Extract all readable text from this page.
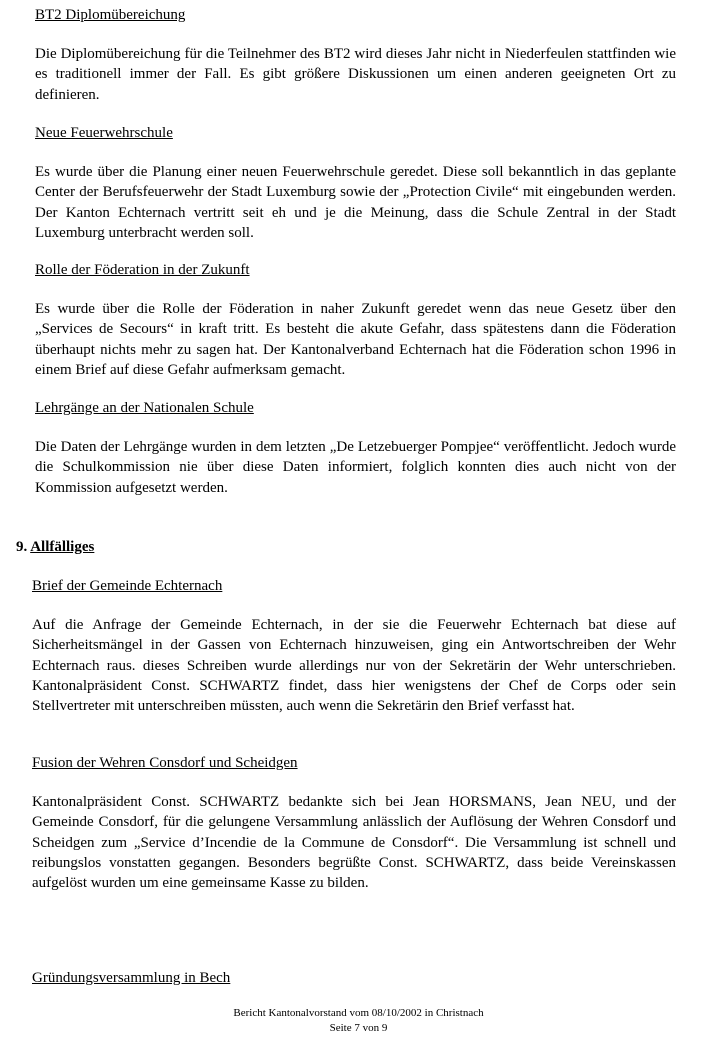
BT2 Diplomübereichung

Die Diplomübereichung für die Teilnehmer des BT2 wird dieses Jahr nicht in Niederfeulen stattfinden wie es traditionell immer der Fall. Es gibt größere Diskussionen um einen anderen geeigneten Ort zu definieren.

Neue Feuerwehrschule

Es wurde über die Planung einer neuen Feuerwehrschule geredet. Diese soll bekanntlich in das geplante Center der Berufsfeuerwehr der Stadt Luxemburg sowie der „Protection Civile“ mit eingebunden werden. Der Kanton Echternach vertritt seit eh und je die Meinung, dass die Schule Zentral in der Stadt Luxemburg unterbracht werden soll.

Rolle der Föderation in der Zukunft

Es wurde über die Rolle der Föderation in naher Zukunft geredet wenn das neue Gesetz über den „Services de Secours“ in kraft tritt. Es besteht die akute Gefahr, dass spätestens dann die Föderation überhaupt nichts mehr zu sagen hat. Der Kantonalverband Echternach hat die Föderation schon 1996 in einem Brief auf diese Gefahr aufmerksam gemacht.

Lehrgänge an der Nationalen Schule

Die Daten der Lehrgänge wurden in dem letzten „De Letzebuerger Pompjee“ veröffentlicht. Jedoch wurde die Schulkommission nie über diese Daten informiert, folglich konnten dies auch nicht von der Kommission aufgesetzt werden.

9. Allfälliges
Brief der Gemeinde Echternach

Auf die Anfrage der Gemeinde Echternach, in der sie die Feuerwehr Echternach bat diese auf Sicherheitsmängel in der Gassen von Echternach hinzuweisen, ging ein Antwortschreiben der Wehr Echternach raus. dieses Schreiben wurde allerdings nur von der Sekretärin der Wehr unterschrieben. Kantonalpräsident Const. SCHWARTZ findet, dass hier wenigstens der Chef de Corps oder sein Stellvertreter mit unterschreiben müssten, auch wenn die Sekretärin den Brief verfasst hat.

Fusion der Wehren Consdorf und Scheidgen

Kantonalpräsident Const. SCHWARTZ bedankte sich bei Jean HORSMANS, Jean NEU, und der Gemeinde Consdorf, für die gelungene Versammlung anlässlich der Auflösung der Wehren Consdorf und Scheidgen zum „Service d’Incendie de la Commune de Consdorf“. Die Versammlung ist schnell und reibungslos vonstatten gegangen. Besonders begrüßte Const. SCHWARTZ, dass beide Vereinskassen aufgelöst wurden um eine gemeinsame Kasse zu bilden.

Gründungsversammlung in Bech
Bericht Kantonalvorstand vom 08/10/2002 in Christnach
Seite 7 von 9
